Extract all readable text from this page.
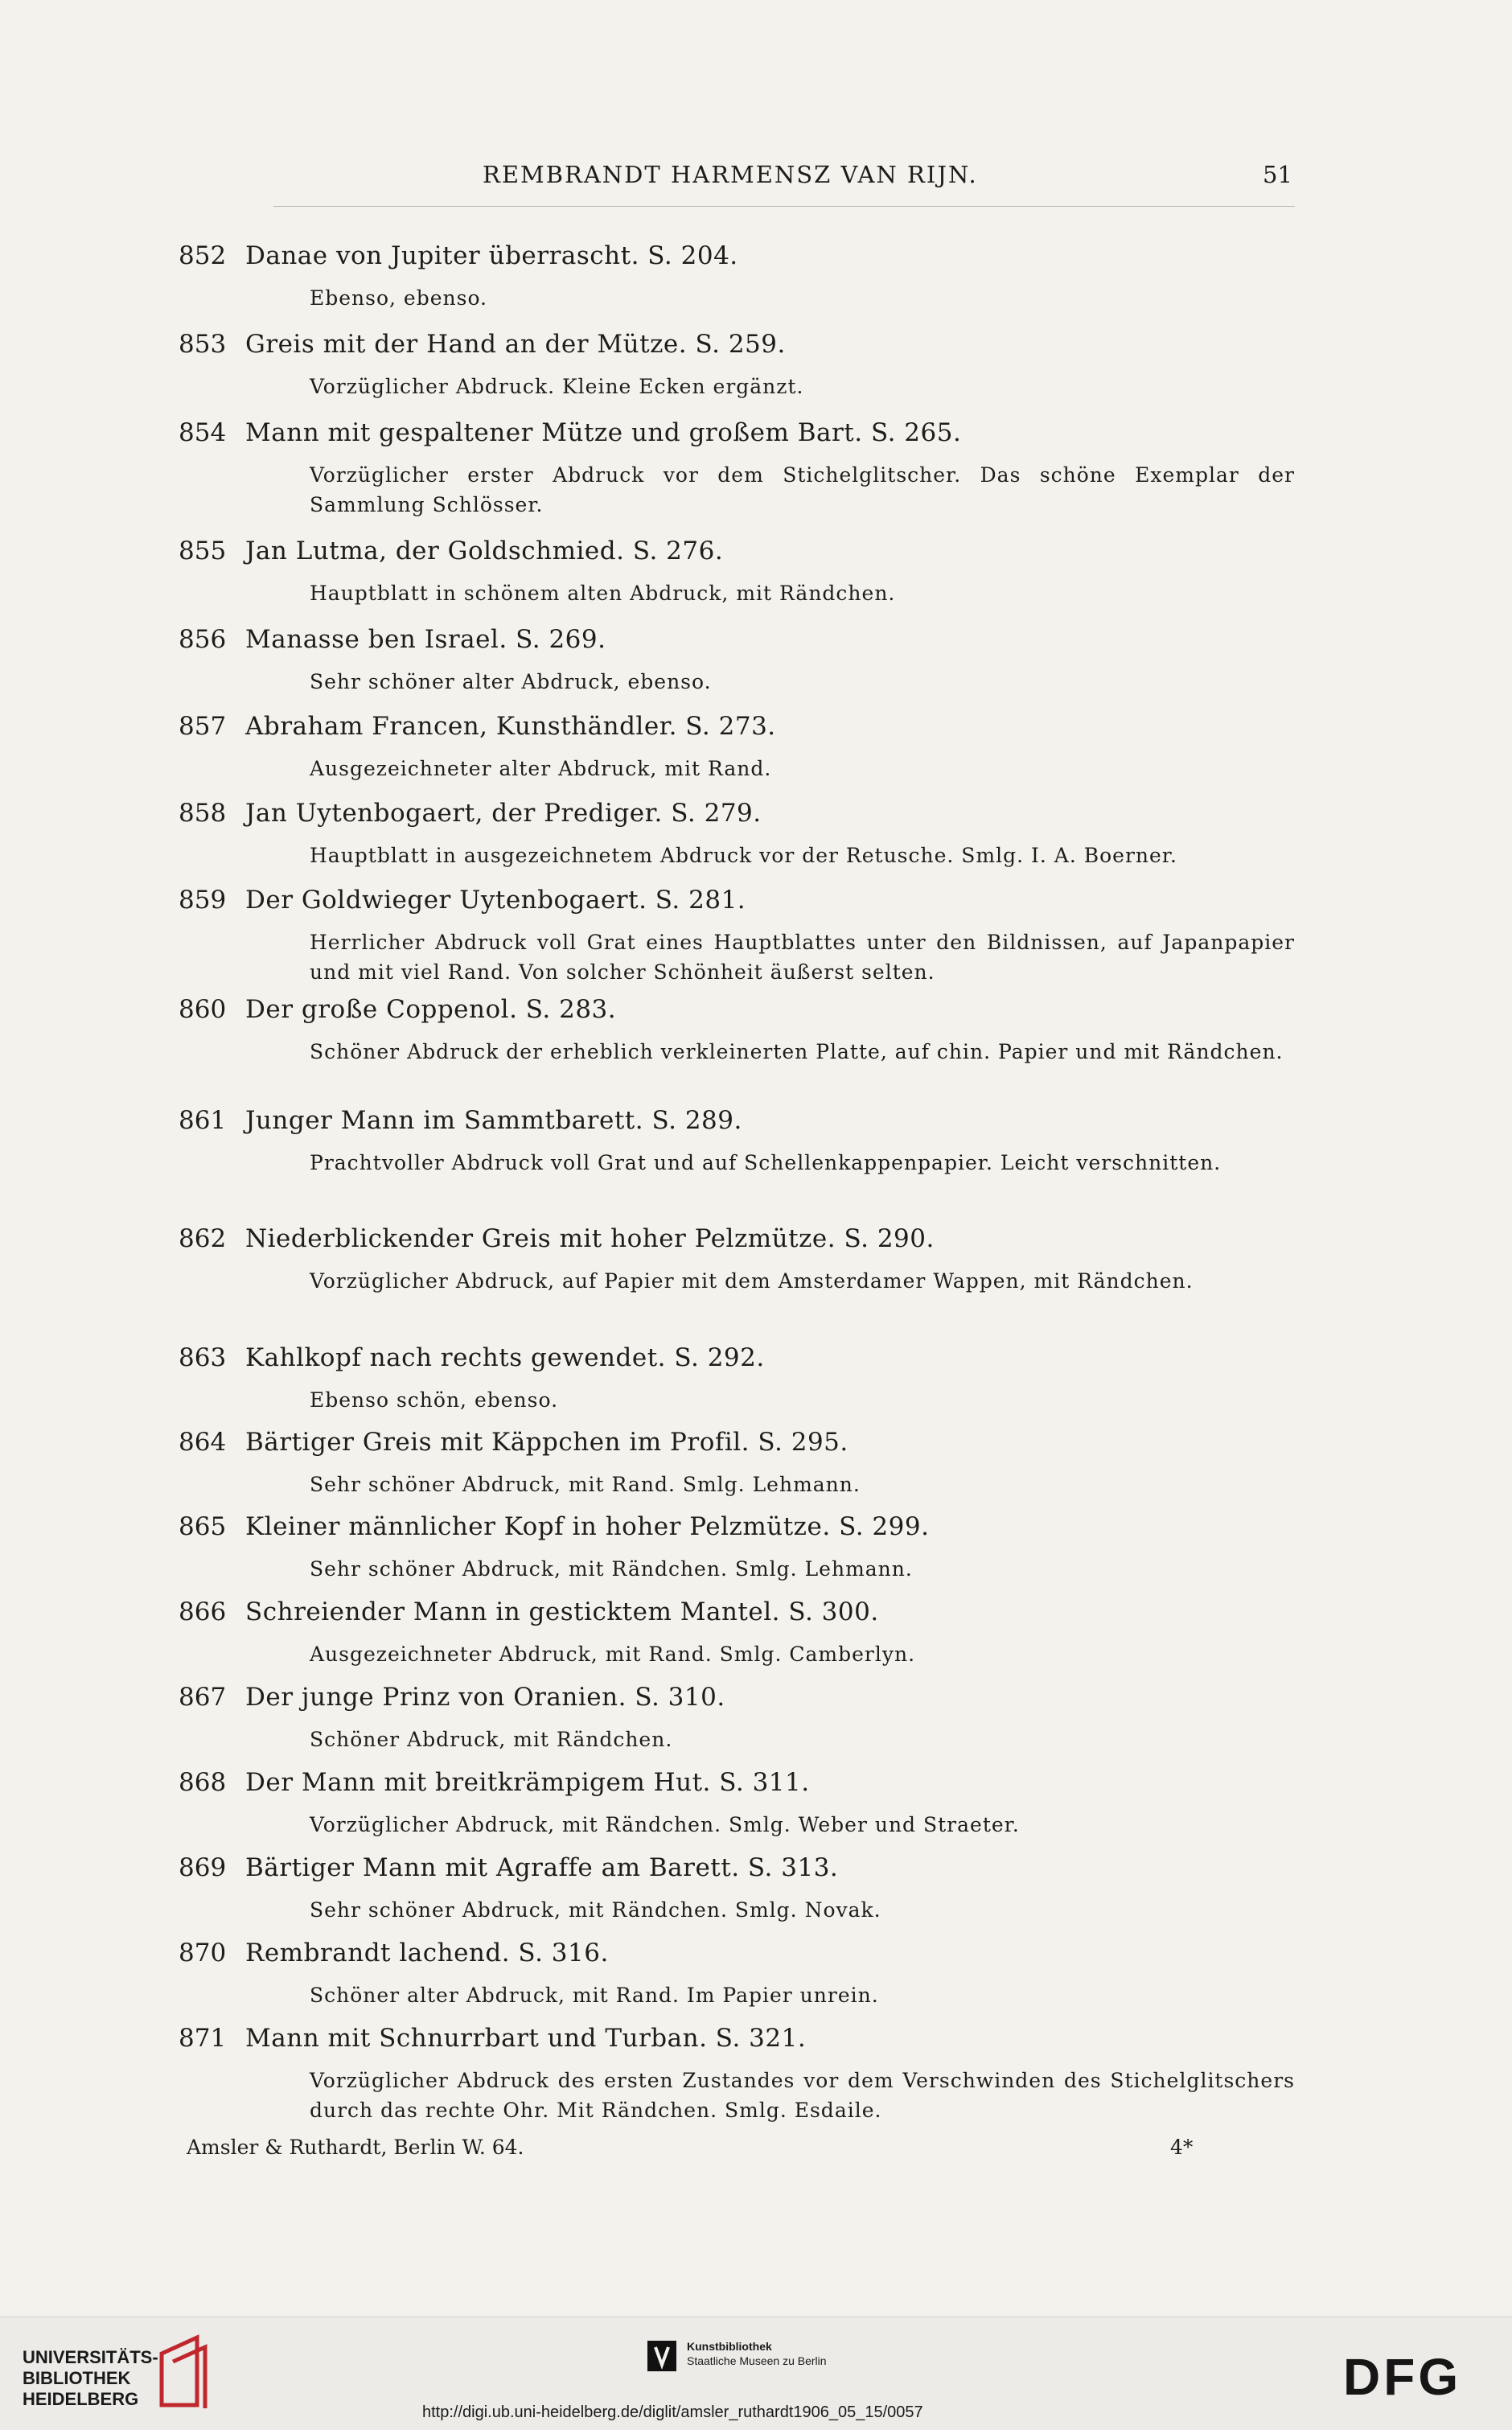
REMBRANDT HARMENSZ VAN RIJN.	51
852 Danae von Jupiter überrascht. S. 204.
Ebenso, ebenso.
853 Greis mit der Hand an der Mütze. S. 259.
Vorzüglicher Abdruck. Kleine Ecken ergänzt.
854 Mann mit gespaltener Mütze und großem Bart. S. 265.
Vorzüglicher erster Abdruck vor dem Stichelglitscher. Das schöne Exemplar der Sammlung Schlösser.
855 Jan Lutma, der Goldschmied. S. 276.
Hauptblatt in schönem alten Abdruck, mit Rändchen.
856 Manasse ben Israel. S. 269.
Sehr schöner alter Abdruck, ebenso.
857 Abraham Francen, Kunsthändler. S. 273.
Ausgezeichneter alter Abdruck, mit Rand.
858 Jan Uytenbogaert, der Prediger. S. 279.
Hauptblatt in ausgezeichnetem Abdruck vor der Retusche. Smlg. I. A. Boerner.
859 Der Goldwieger Uytenbogaert. S. 281.
Herrlicher Abdruck voll Grat eines Hauptblattes unter den Bildnissen, auf Japanpapier und mit viel Rand. Von solcher Schönheit äußerst selten.
860 Der große Coppenol. S. 283.
Schöner Abdruck der erheblich verkleinerten Platte, auf chin. Papier und mit Rändchen.
861 Junger Mann im Sammtbarett. S. 289.
Prachtvoller Abdruck voll Grat und auf Schellenkappenpapier. Leicht verschnitten.
862 Niederblickender Greis mit hoher Pelzmütze. S. 290.
Vorzüglicher Abdruck, auf Papier mit dem Amsterdamer Wappen, mit Rändchen.
863 Kahlkopf nach rechts gewendet. S. 292.
Ebenso schön, ebenso.
864 Bärtiger Greis mit Käppchen im Profil. S. 295.
Sehr schöner Abdruck, mit Rand. Smlg. Lehmann.
865 Kleiner männlicher Kopf in hoher Pelzmütze. S. 299.
Sehr schöner Abdruck, mit Rändchen. Smlg. Lehmann.
866 Schreiender Mann in gesticktem Mantel. S. 300.
Ausgezeichneter Abdruck, mit Rand. Smlg. Camberlyn.
867 Der junge Prinz von Oranien. S. 310.
Schöner Abdruck, mit Rändchen.
868 Der Mann mit breitkrämpigem Hut. S. 311.
Vorzüglicher Abdruck, mit Rändchen. Smlg. Weber und Straeter.
869 Bärtiger Mann mit Agraffe am Barett. S. 313.
Sehr schöner Abdruck, mit Rändchen. Smlg. Novak.
870 Rembrandt lachend. S. 316.
Schöner alter Abdruck, mit Rand. Im Papier unrein.
871 Mann mit Schnurrbart und Turban. S. 321.
Vorzüglicher Abdruck des ersten Zustandes vor dem Verschwinden des Stichelglitschers durch das rechte Ohr. Mit Rändchen. Smlg. Esdaile.
Amsler & Ruthardt, Berlin W. 64.	4*
UNIVERSITÄTS-
BIBLIOTHEK
HEIDELBERG
Kunstbibliothek
Staatliche Museen zu Berlin	DFG
http://digi.ub.uni-heidelberg.de/diglit/amsler_ruthardt1906_05_15/0057
